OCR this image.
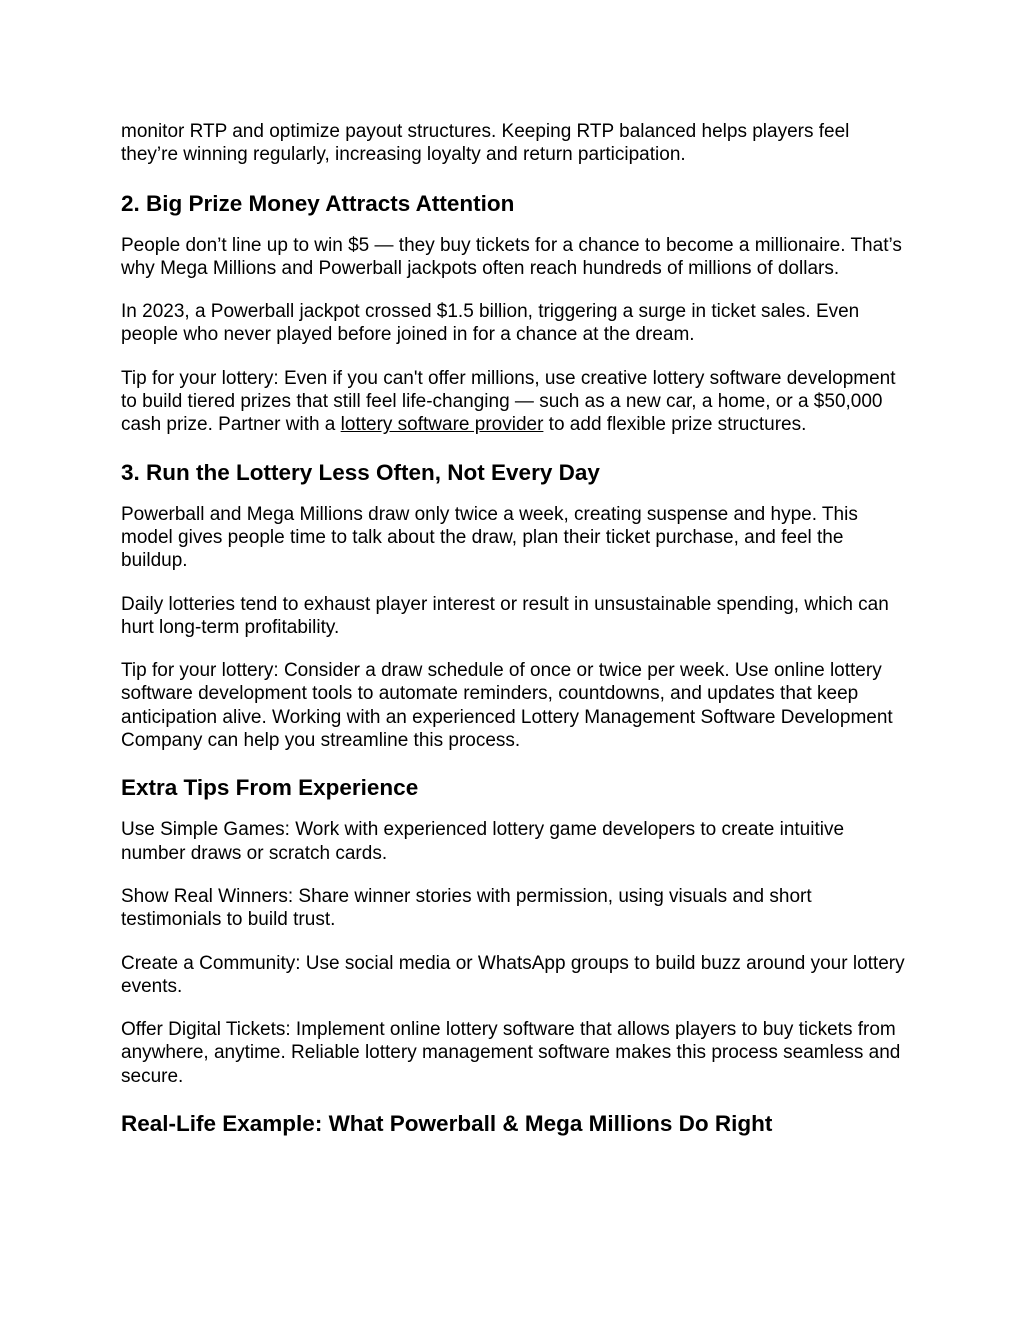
monitor RTP and optimize payout structures. Keeping RTP balanced helps players feel
they’re winning regularly, increasing loyalty and return participation.

2. Big Prize Money Attracts Attention

People don’t line up to win $5 — they buy tickets for a chance to become a millionaire. That’s why Mega Millions and Powerball jackpots often reach hundreds of millions of dollars.

In 2023, a Powerball jackpot crossed $1.5 billion, triggering a surge in ticket sales. Even people who never played before joined in for a chance at the dream.

Tip for your lottery: Even if you can't offer millions, use creative lottery software development to build tiered prizes that still feel life-changing — such as a new car, a home, or a $50,000 cash prize. Partner with a lottery software provider to add flexible prize structures.

3. Run the Lottery Less Often, Not Every Day

Powerball and Mega Millions draw only twice a week, creating suspense and hype. This model gives people time to talk about the draw, plan their ticket purchase, and feel the buildup.

Daily lotteries tend to exhaust player interest or result in unsustainable spending, which can hurt long-term profitability.

Tip for your lottery: Consider a draw schedule of once or twice per week. Use online lottery software development tools to automate reminders, countdowns, and updates that keep anticipation alive. Working with an experienced Lottery Management Software Development Company can help you streamline this process.

Extra Tips From Experience

Use Simple Games: Work with experienced lottery game developers to create intuitive number draws or scratch cards.

Show Real Winners: Share winner stories with permission, using visuals and short testimonials to build trust.

Create a Community: Use social media or WhatsApp groups to build buzz around your lottery events.

Offer Digital Tickets: Implement online lottery software that allows players to buy tickets from anywhere, anytime. Reliable lottery management software makes this process seamless and secure.

Real-Life Example: What Powerball & Mega Millions Do Right
